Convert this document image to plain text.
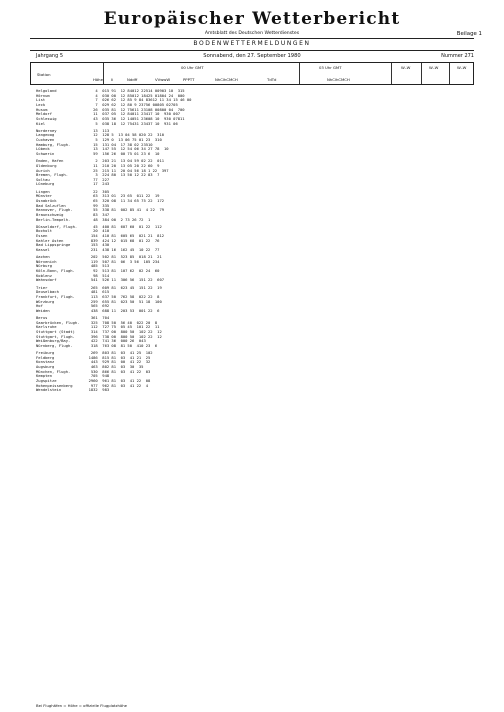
Europäischer Wetterbericht
Amtsblatt des Deutschen Wetterdienstes	Beilage 1
BODENWETTERMELDUNGEN
Jahrgang 5	Sonnabend, den 27. September 1980	Nummer 271
Station
00 Uhr GMT	03 Uhr GMT
Höhe Ii	Nddff	VVwwW	PPPTT	NhClhCMCH	NhClhCMCH
TdTd
W–W	W–W	W–W
Helgoland                 4  015 91  12 84012 22514 00903 10  315
Hörnum                    4  030 00  12 85012 18425 01804 24  000
List                      7  026 62  12 85 9 84 83612 11 34 15 46 00
Leck                      7  029 62  12 80 9 23756 00805 02705
Husum                    26  035 81  12 75611 23108 00800 04  700
Meldorf                  11  037 05  12 84011 23417 10  930 007
Schleswig                43  035 36  12 14051 23608 10  930 07811
Kiel                      5  038 18  12 75431 23437 10  931 06
Norderney                13  113
Langeoog                 12  128 5  13 04 58 020 22  310
Cuxhaven                  5  129 0  13 06 75 01 23  310
Hamburg, Flugh.          15  131 04  17 38 02 23510
Lübeck                   13  147 55  12 54 06 34 27 78  10
Schwerin                 59  156 26  00 75 01 23 6  10
Emden, Hafen              2  203 21  13 04 59 02 22  011
Oldenburg                11  210 20  13 05 20 22 60  9
Aurich                   25  215 11  20 04 56 18 1 22  397
Bremen, Flugh.            3  224 80  13 50 12 22 83  7
Soltau                   77  227
Lüneburg                 17  243
Lingen                   22  305
Münster                  63  313 01  23 65  011 22  19
Osnabrück                65  320 08  11 34 65 75 22  172
Bad Salzuflen            99  335
Hannover, Flugh.         55  338 81  002 85 41  4 22  79
Braunschweig             83  347
Berlin-Tempelh.          48  384 00  2 73 26 72  1
Düsseldorf, Flugh.       45  400 81  607 60  01 22  112
Bocholt                  20  410
Essen                   154  410 81  605 65  021 21  812
Kahler Asten            839  424 12  015 68  01 22  76
Bad Lippspringe         153  430
Kassel                  231  438 16  162 45  10 22  77
Aachen                  202  502 81  523 85  018 21  21
Nörvenich               119  507 81  06  3 56  105 234
Nürburg                 485  513
Köln-Bonn, Flugh.        92  513 81  107 62  02 24  60
Koblenz                  98  514
Wahnsdorf               541  526 11  306 56  151 22  607
Trier                   265  609 81  623 45  151 22  19
Deuselbach              481  615
Frankfurt, Flugh.       113  637 50  762 58  022 22  8
Würzburg                259  655 81  023 50  51 18  100
Hof                     565  692
Weiden                  438  688 11  203 53  001 22  6
Berus                   361  704
Saarbrücken, Flugh.     325  708 50  56 40  022 20  8
Karlsruhe               112  727 75  05 45  101 22  11
Stuttgart (Stadt)       314  737 00  800 50  102 22  12
Stuttgart, Flugh.       396  738 00  800 50  102 22  12
Weißenburg/Bay.         422  741 36  000 26  043
Nürnberg, Flugh.        318  763 08  81 50  410 23  6
Freiburg                269  803 81  03  41 25  102
Feldberg               1486  815 81  03  41 21  25
Konstanz                443  929 81  00  41 22  32
Augsburg                463  802 81  03  30  35
München, Flugh.         530  866 81  03  41 22  03
Kempten                 705  948
Zugspitze              2960  961 81  03  41 22  08
Hohenpeissenberg        977  962 81  03  41 22  4
Wendelstein            1832  983
Bei Flughäfen = Höhe = offizielle Flugplatzhöhe
